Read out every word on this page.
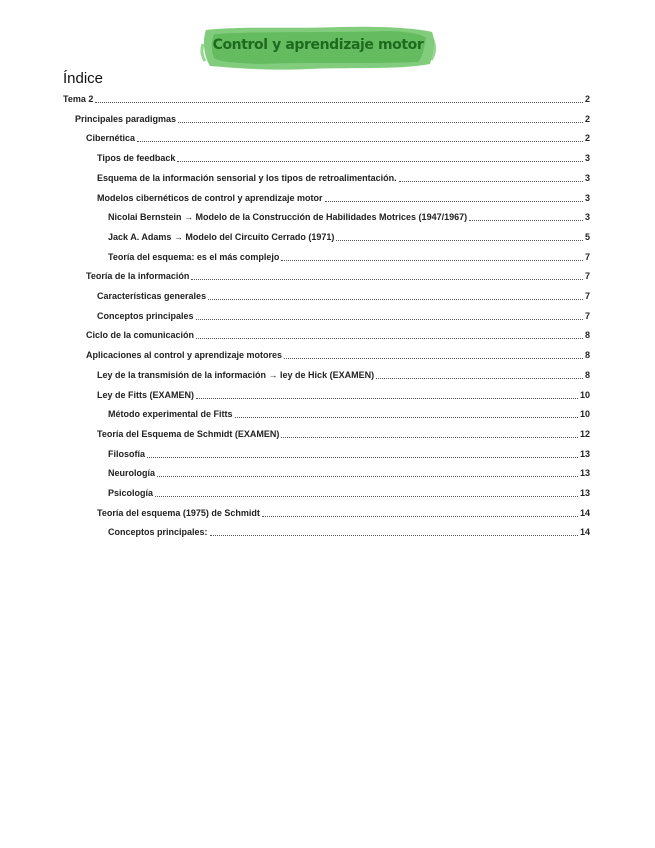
Control y aprendizaje motor
Índice
Tema 2	2
Principales paradigmas	2
Cibernética	2
Tipos de feedback	3
Esquema de la información sensorial y los tipos de retroalimentación.	3
Modelos cibernéticos de control y aprendizaje motor	3
Nicolai Bernstein → Modelo de la Construcción de Habilidades Motrices (1947/1967)	3
Jack A. Adams → Modelo del Circuito Cerrado (1971)	5
Teoría del esquema: es el más complejo	7
Teoría de la información	7
Características generales	7
Conceptos principales	7
Ciclo de la comunicación	8
Aplicaciones al control y aprendizaje motores	8
Ley de la transmisión de la información → ley de Hick (EXAMEN)	8
Ley de Fitts (EXAMEN)	10
Método experimental de Fitts	10
Teoría del Esquema de Schmidt (EXAMEN)	12
Filosofía	13
Neurología	13
Psicología	13
Teoría del esquema (1975) de Schmidt	14
Conceptos principales:	14
